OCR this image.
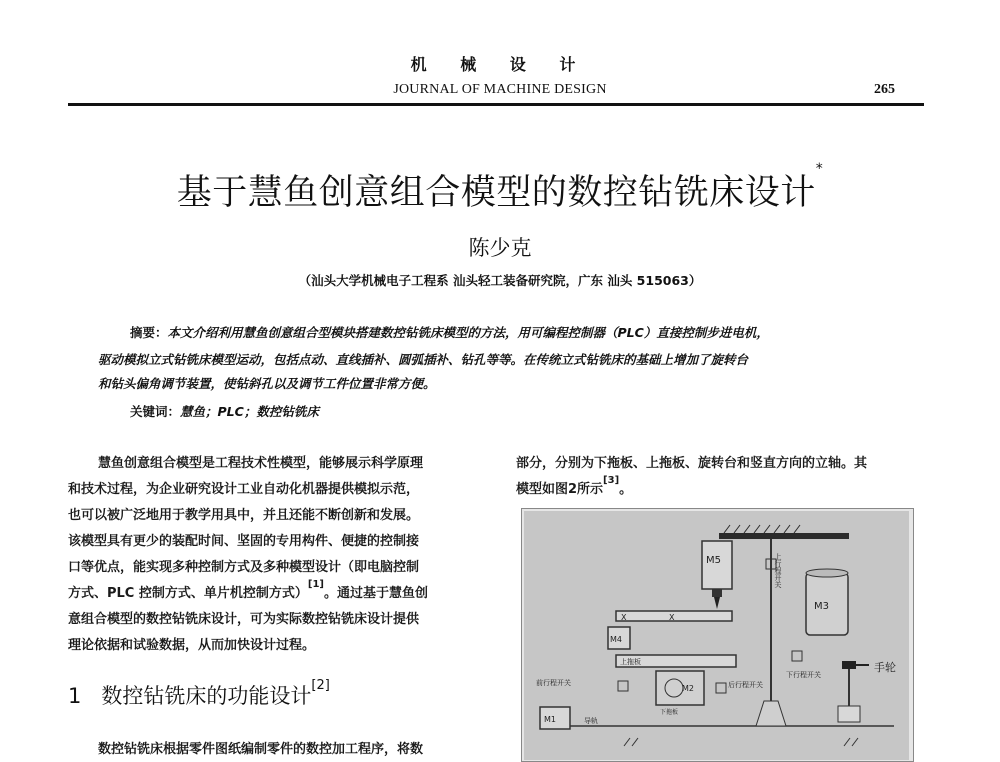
机 械 设 计
JOURNAL OF MACHINE DESIGN	265
基于慧鱼创意组合模型的数控钻铣床设计*
陈少克
（汕头大学机械电子工程系 汕头轻工装备研究院，广东 汕头 515063）
摘要：本文介绍利用慧鱼创意组合型模块搭建数控钻铣床模型的方法，用可编程控制器（PLC）直接控制步进电机，
驱动模拟立式钻铣床模型运动，包括点动、直线插补、圆弧插补、钻孔等等。在传统立式钻铣床的基础上增加了旋转台
和钻头偏角调节装置，使钻斜孔以及调节工件位置非常方便。
关键词：慧鱼；PLC；数控钻铣床
慧鱼创意组合模型是工程技术性模型，能够展示科学原理
和技术过程，为企业研究设计工业自动化机器提供模拟示范，
也可以被广泛地用于教学用具中，并且还能不断创新和发展。
该模型具有更少的装配时间、坚固的专用构件、便捷的控制接
口等优点，能实现多种控制方式及多种模型设计（即电脑控制
方式、PLC 控制方式、单片机控制方式）[1]。通过基于慧鱼创
意组合模型的数控钻铣床设计，可为实际数控钻铣床设计提供
理论依据和试验数据，从而加快设计过程。
1 数控钻铣床的功能设计[2]
数控钻铣床根据零件图纸编制零件的数控加工程序，将数
部分，分别为下拖板、上拖板、旋转台和竖直方向的立轴。其
模型如图2所示[3]。
M5	上行程开关
M3
X	X
M4
上拖板
M2
下拖板
前行程开关	后行程开关
下行程开关
手轮
M1	导轨
